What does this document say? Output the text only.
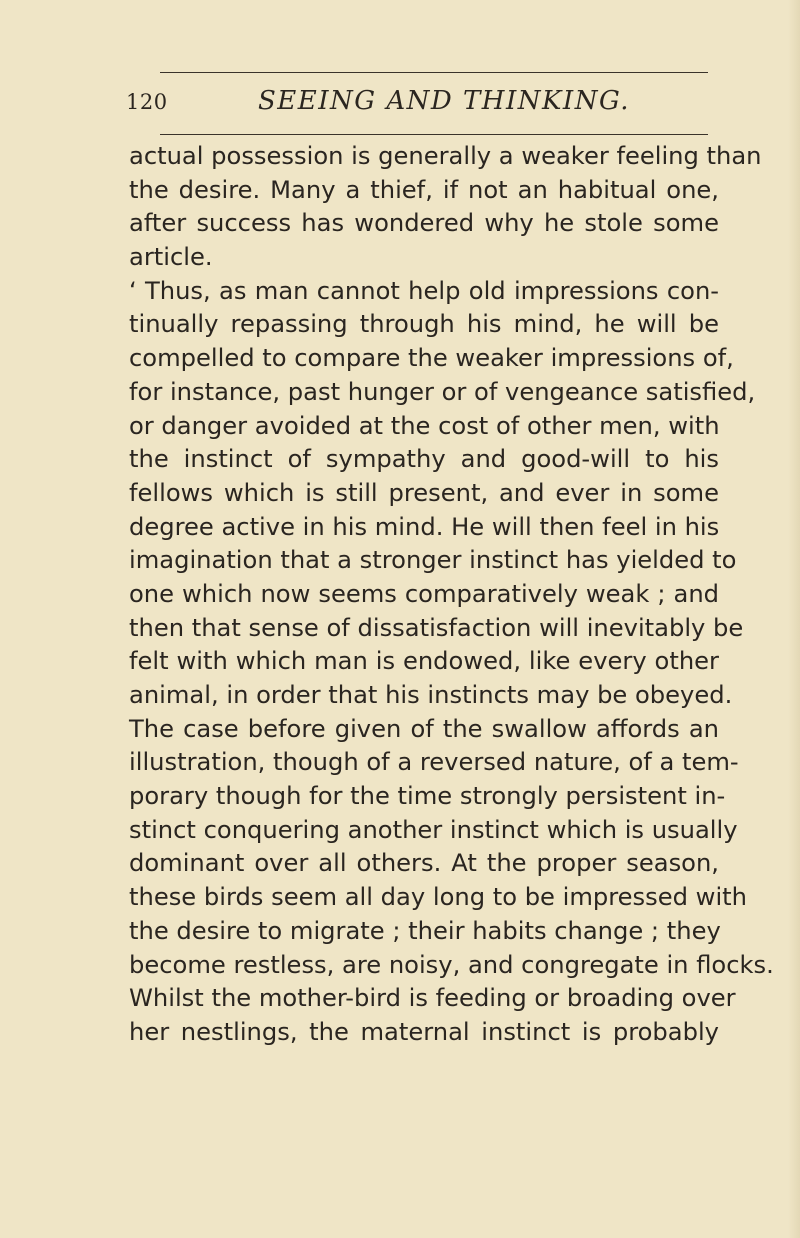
120	SEEING AND THINKING.
actual possession is generally a weaker feeling than
the desire. Many a thief, if not an habitual one,
after success has wondered why he stole some
article.
‘ Thus, as man cannot help old impressions con-
tinually repassing through his mind, he will be
compelled to compare the weaker impressions of,
for instance, past hunger or of vengeance satisfied,
or danger avoided at the cost of other men, with
the instinct of sympathy and good-will to his
fellows which is still present, and ever in some
degree active in his mind. He will then feel in his
imagination that a stronger instinct has yielded to
one which now seems comparatively weak ; and
then that sense of dissatisfaction will inevitably be
felt with which man is endowed, like every other
animal, in order that his instincts may be obeyed.
The case before given of the swallow affords an
illustration, though of a reversed nature, of a tem-
porary though for the time strongly persistent in-
stinct conquering another instinct which is usually
dominant over all others. At the proper season,
these birds seem all day long to be impressed with
the desire to migrate ; their habits change ; they
become restless, are noisy, and congregate in flocks.
Whilst the mother-bird is feeding or broading over
her nestlings, the maternal instinct is probably
